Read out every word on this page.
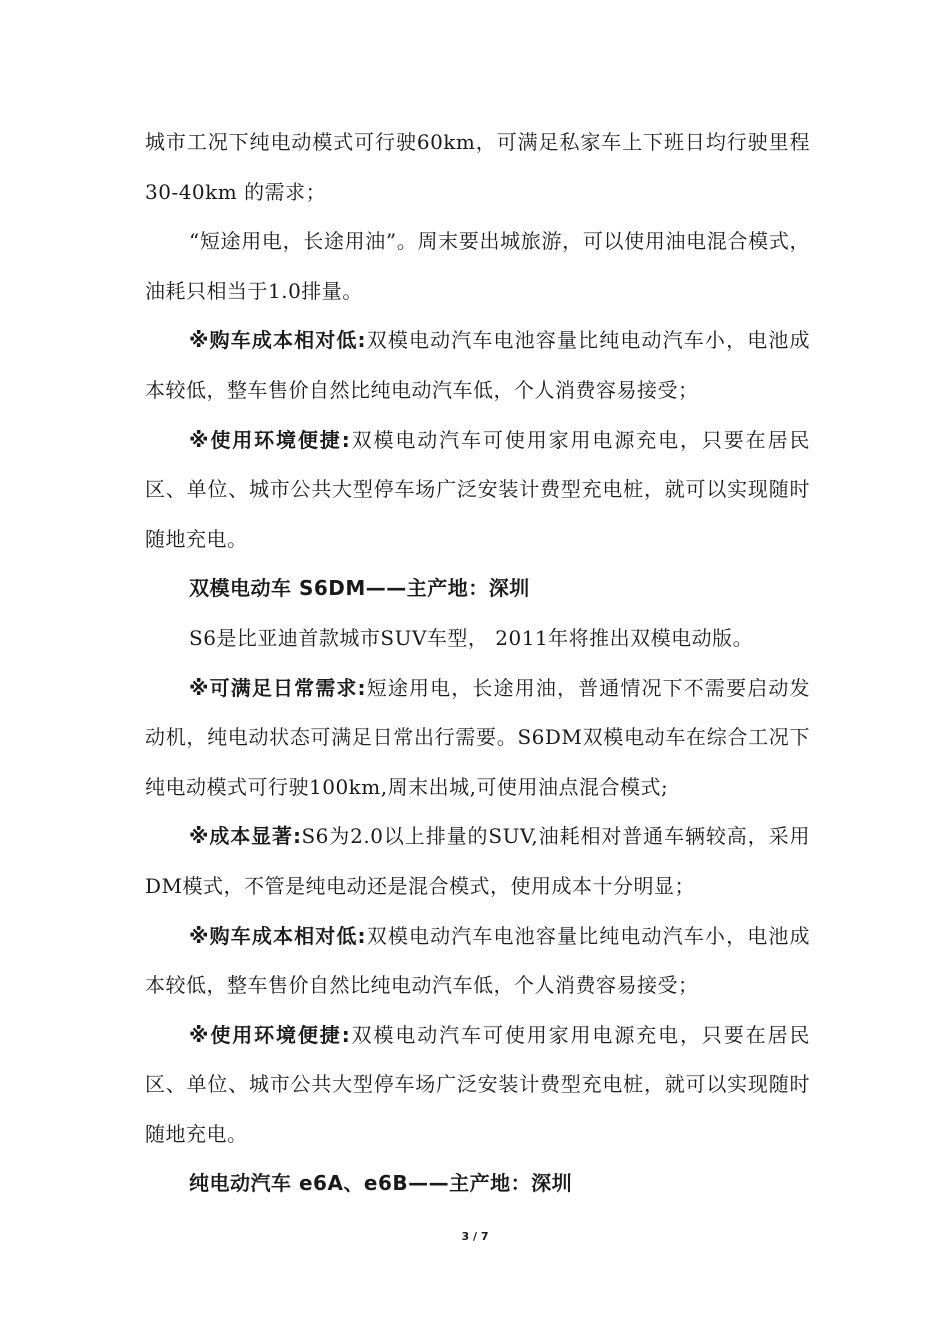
城市工况下纯电动模式可行驶60km，可满足私家车上下班日均行驶里程 30-40km 的需求；

“短途用电，长途用油”。周末要出城旅游，可以使用油电混合模式，油耗只相当于1.0排量。

※购车成本相对低:双模电动汽车电池容量比纯电动汽车小，电池成本较低，整车售价自然比纯电动汽车低，个人消费容易接受；

※使用环境便捷:双模电动汽车可使用家用电源充电，只要在居民区、单位、城市公共大型停车场广泛安装计费型充电桩，就可以实现随时随地充电。

双模电动车 S6DM——主产地：深圳

S6是比亚迪首款城市SUV车型， 2011年将推出双模电动版。

※可满足日常需求:短途用电，长途用油，普通情况下不需要启动发动机，纯电动状态可满足日常出行需要。S6DM双模电动车在综合工况下纯电动模式可行驶100km,周末出城,可使用油点混合模式;

※成本显著:S6为2.0以上排量的SUV,油耗相对普通车辆较高，采用DM模式，不管是纯电动还是混合模式，使用成本十分明显；

※购车成本相对低:双模电动汽车电池容量比纯电动汽车小，电池成本较低，整车售价自然比纯电动汽车低，个人消费容易接受；

※使用环境便捷:双模电动汽车可使用家用电源充电，只要在居民区、单位、城市公共大型停车场广泛安装计费型充电桩，就可以实现随时随地充电。

纯电动汽车 e6A、e6B——主产地：深圳

3 / 7
